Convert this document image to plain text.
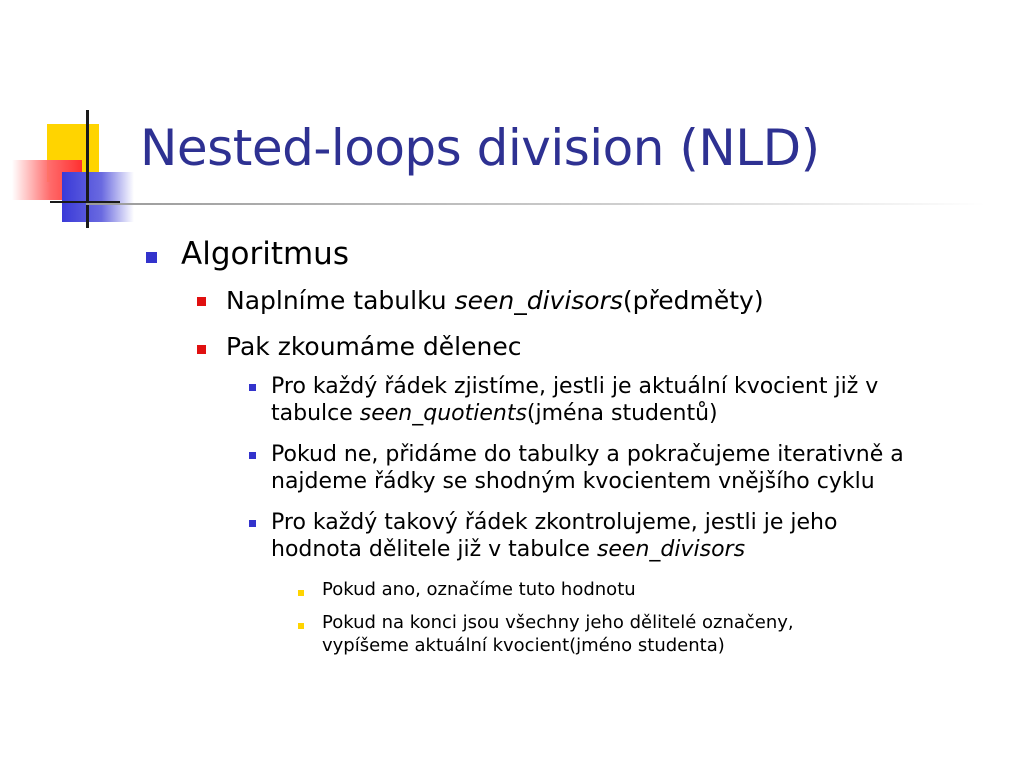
Nested-loops division (NLD)
Algoritmus
Naplníme tabulku seen_divisors(předměty)
Pak zkoumáme dělenec
Pro každý řádek zjistíme, jestli je aktuální kvocient již v
tabulce seen_quotients(jména studentů)
Pokud ne, přidáme do tabulky a pokračujeme iterativně a
najdeme řádky se shodným kvocientem vnějšího cyklu
Pro každý takový řádek zkontrolujeme, jestli je jeho
hodnota dělitele již v tabulce seen_divisors
Pokud ano, označíme tuto hodnotu
Pokud na konci jsou všechny jeho dělitelé označeny,
vypíšeme aktuální kvocient(jméno studenta)
